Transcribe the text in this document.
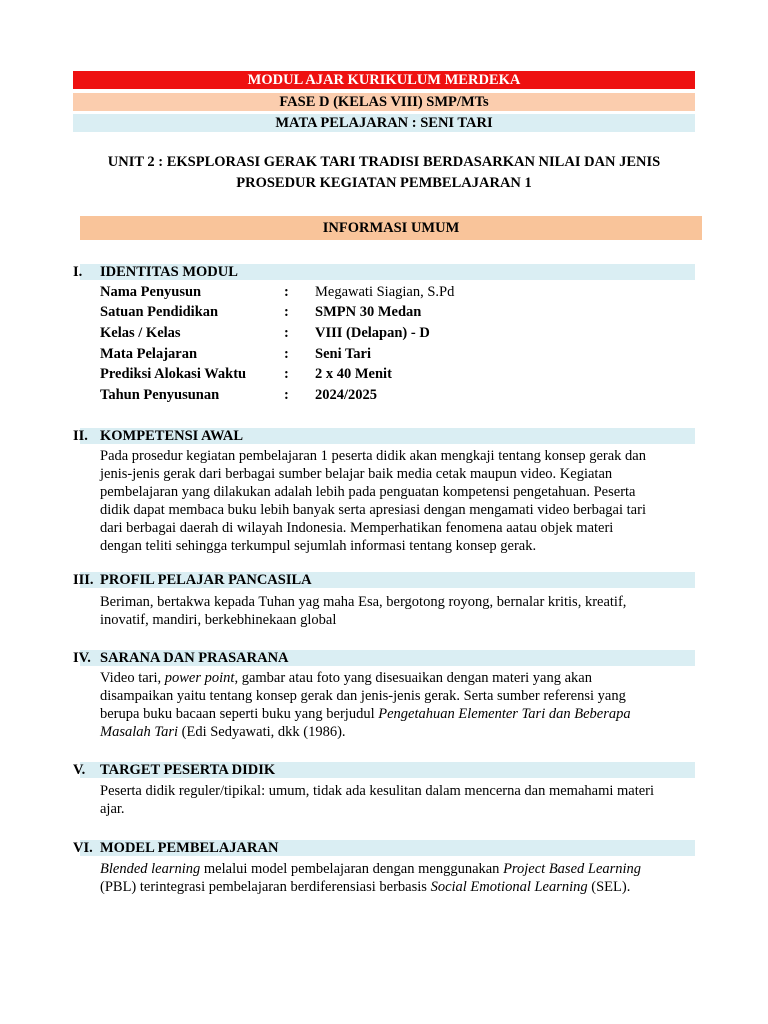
MODUL AJAR KURIKULUM MERDEKA
FASE D (KELAS VIII) SMP/MTs
MATA PELAJARAN : SENI TARI
UNIT 2 : EKSPLORASI GERAK TARI TRADISI BERDASARKAN NILAI DAN JENIS
PROSEDUR KEGIATAN PEMBELAJARAN 1
INFORMASI UMUM
I. IDENTITAS MODUL
Nama Penyusun	: Megawati Siagian, S.Pd
Satuan Pendidikan	: SMPN 30 Medan
Kelas / Kelas	: VIII (Delapan) - D
Mata Pelajaran	: Seni Tari
Prediksi Alokasi Waktu	: 2 x 40 Menit
Tahun Penyusunan	: 2024/2025
II. KOMPETENSI AWAL
Pada prosedur kegiatan pembelajaran 1 peserta didik akan mengkaji tentang konsep gerak dan
jenis-jenis gerak dari berbagai sumber belajar baik media cetak maupun video. Kegiatan
pembelajaran yang dilakukan adalah lebih pada penguatan kompetensi pengetahuan. Peserta
didik dapat membaca buku lebih banyak serta apresiasi dengan mengamati video berbagai tari
dari berbagai daerah di wilayah Indonesia. Memperhatikan fenomena aatau objek materi
dengan teliti sehingga terkumpul sejumlah informasi tentang konsep gerak.
III. PROFIL PELAJAR PANCASILA
Beriman, bertakwa kepada Tuhan yag maha Esa, bergotong royong, bernalar kritis, kreatif,
inovatif, mandiri, berkebhinekaan global
IV. SARANA DAN PRASARANA
Video tari, power point, gambar atau foto yang disesuaikan dengan materi yang akan
disampaikan yaitu tentang konsep gerak dan jenis-jenis gerak. Serta sumber referensi yang
berupa buku bacaan seperti buku yang berjudul Pengetahuan Elementer Tari dan Beberapa
Masalah Tari (Edi Sedyawati, dkk (1986).
V. TARGET PESERTA DIDIK
Peserta didik reguler/tipikal: umum, tidak ada kesulitan dalam mencerna dan memahami materi
ajar.
VI. MODEL PEMBELAJARAN
Blended learning melalui model pembelajaran dengan menggunakan Project Based Learning
(PBL) terintegrasi pembelajaran berdiferensiasi berbasis Social Emotional Learning (SEL).
